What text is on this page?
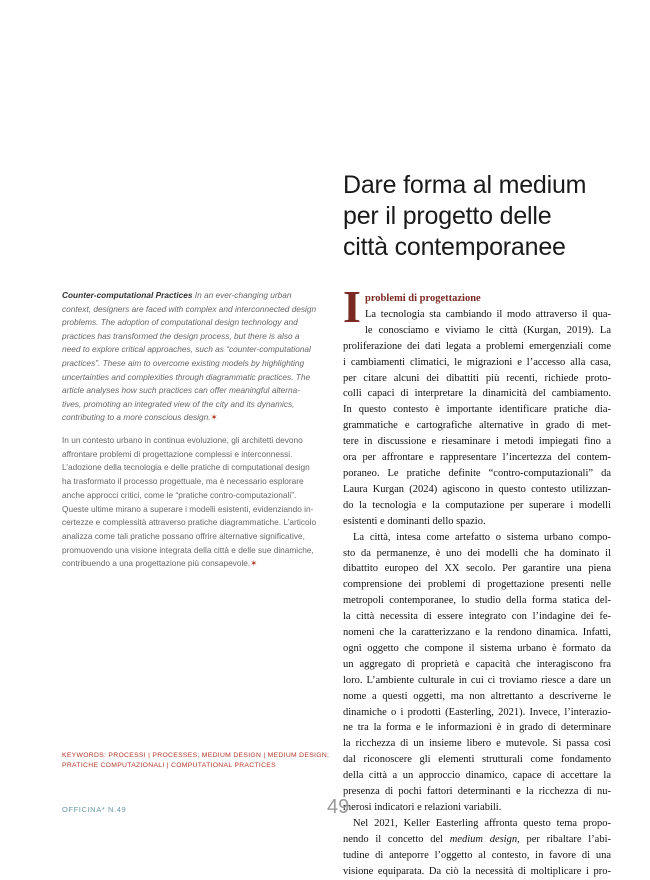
Dare forma al medium
per il progetto delle
città contemporanee
Counter-computational Practices In an ever-changing urban
context, designers are faced with complex and interconnected design
problems. The adoption of computational design technology and
practices has transformed the design process, but there is also a
need to explore critical approaches, such as “counter-computational
practices”. These aim to overcome existing models by highlighting
uncertainties and complexities through diagrammatic practices. The
article analyses how such practices can offer meaningful alterna-
tives, promoting an integrated view of the city and its dynamics,
contributing to a more conscious design.✶
In un contesto urbano in continua evoluzione, gli architetti devono
affrontare problemi di progettazione complessi e interconnessi.
L’adozione della tecnologia e delle pratiche di computational design
ha trasformato il processo progettuale, ma è necessario esplorare
anche approcci critici, come le “pratiche contro-computazionali”.
Queste ultime mirano a superare i modelli esistenti, evidenziando in-
certezze e complessità attraverso pratiche diagrammatiche. L’articolo
analizza come tali pratiche possano offrire alternative significative,
promuovendo una visione integrata della città e delle sue dinamiche,
contribuendo a una progettazione più consapevole.✶
I problemi di progettazione
La tecnologia sta cambiando il modo attraverso il qua-
le conosciamo e viviamo le città (Kurgan, 2019). La
proliferazione dei dati legata a problemi emergenziali come
i cambiamenti climatici, le migrazioni e l’accesso alla casa,
per citare alcuni dei dibattiti più recenti, richiede proto-
colli capaci di interpretare la dinamicità del cambiamento.
In questo contesto è importante identificare pratiche dia-
grammatiche e cartografiche alternative in grado di met-
tere in discussione e riesaminare i metodi impiegati fino a
ora per affrontare e rappresentare l’incertezza del contem-
poraneo. Le pratiche definite “contro-computazionali” da
Laura Kurgan (2024) agiscono in questo contesto utilizzan-
do la tecnologia e la computazione per superare i modelli
esistenti e dominanti dello spazio.
La città, intesa come artefatto o sistema urbano compo-
sto da permanenze, è uno dei modelli che ha dominato il
dibattito europeo del XX secolo. Per garantire una piena
comprensione dei problemi di progettazione presenti nelle
metropoli contemporanee, lo studio della forma statica del-
la città necessita di essere integrato con l’indagine dei fe-
nomeni che la caratterizzano e la rendono dinamica. Infatti,
ogni oggetto che compone il sistema urbano è formato da
un aggregato di proprietà e capacità che interagiscono fra
loro. L’ambiente culturale in cui ci troviamo riesce a dare un
nome a questi oggetti, ma non altrettanto a descriverne le
dinamiche o i prodotti (Easterling, 2021). Invece, l’interazio-
ne tra la forma e le informazioni è in grado di determinare
la ricchezza di un insieme libero e mutevole. Si passa così
dal riconoscere gli elementi strutturali come fondamento
della città a un approccio dinamico, capace di accettare la
presenza di pochi fattori determinanti e la ricchezza di nu-
merosi indicatori e relazioni variabili.
Nel 2021, Keller Easterling affronta questo tema propo-
nendo il concetto del medium design, per ribaltare l’abi-
tudine di anteporre l’oggetto al contesto, in favore di una
visione equiparata. Da ciò la necessità di moltiplicare i pro-
KEYWORDS: PROCESSI | PROCESSES; MEDIUM DESIGN | MEDIUM DESIGN;
PRATICHE COMPUTAZIONALI | COMPUTATIONAL PRACTICES
OFFICINA* N.49	49
